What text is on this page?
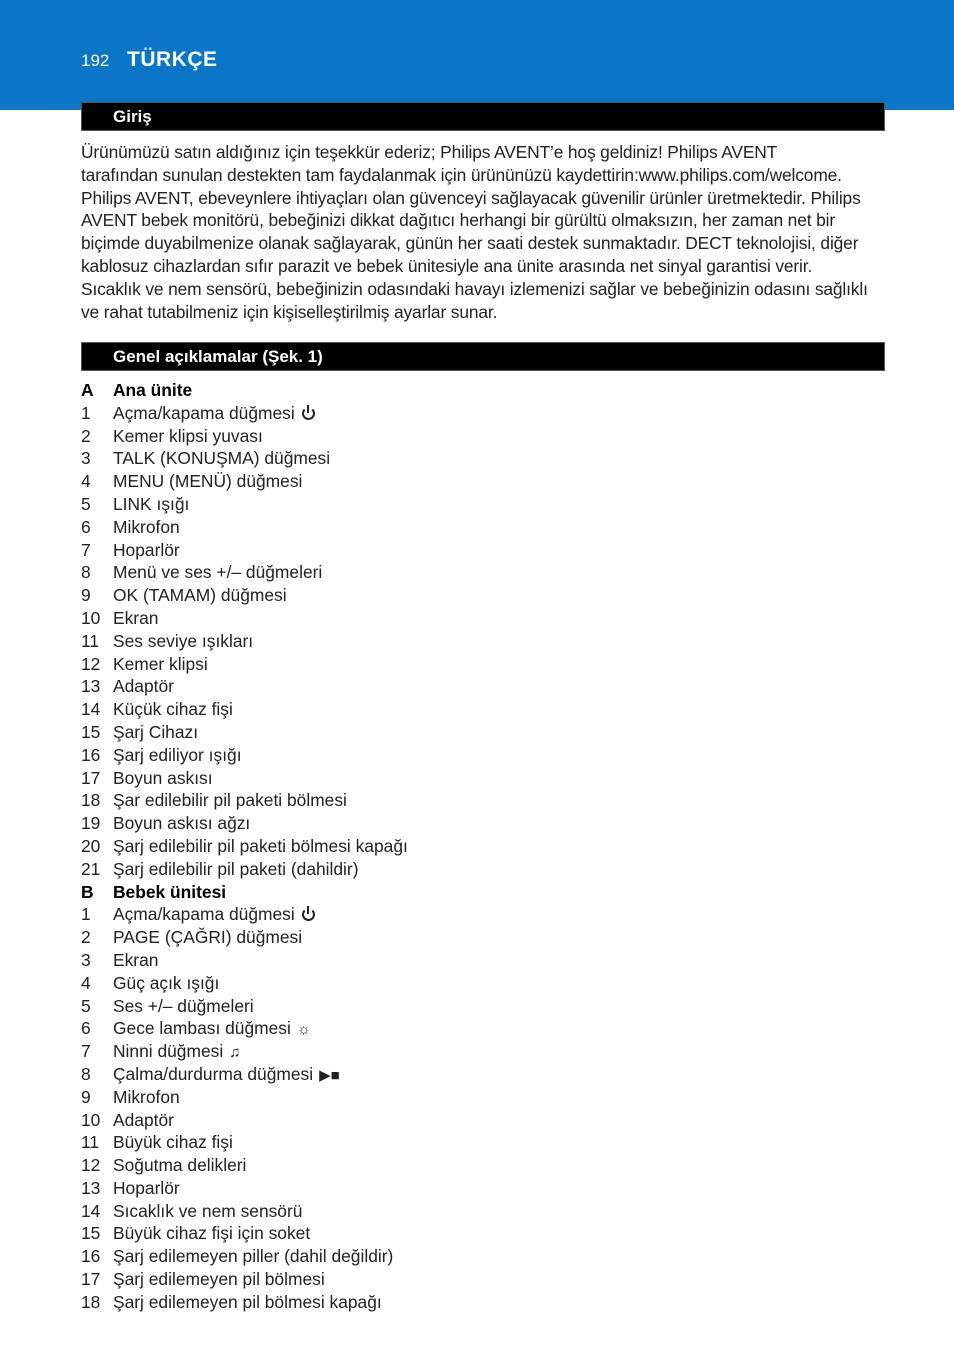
192 TÜRKÇE
Giriş
Ürünümüzü satın aldığınız için teşekkür ederiz; Philips AVENT’e hoş geldiniz! Philips AVENT
tarafından sunulan destekten tam faydalanmak için ürününüzü kaydettirin:www.philips.com/welcome.
Philips AVENT, ebeveynlere ihtiyaçları olan güvenceyi sağlayacak güvenilir ürünler üretmektedir. Philips
AVENT bebek monitörü, bebeğinizi dikkat dağıtıcı herhangi bir gürültü olmaksızın, her zaman net bir
biçimde duyabilmenize olanak sağlayarak, günün her saati destek sunmaktadır. DECT teknolojisi, diğer
kablosuz cihazlardan sıfır parazit ve bebek ünitesiyle ana ünite arasında net sinyal garantisi verir.
Sıcaklık ve nem sensörü, bebeğinizin odasındaki havayı izlemenizi sağlar ve bebeğinizin odasını sağlıklı
ve rahat tutabilmeniz için kişiselleştirilmiş ayarlar sunar.
Genel açıklamalar (Şek. 1)
A Ana ünite
1 Açma/kapama düğmesi
2 Kemer klipsi yuvası
3 TALK (KONUŞMA) düğmesi
4 MENU (MENÜ) düğmesi
5 LINK ışığı
6 Mikrofon
7 Hoparlör
8 Menü ve ses +/– düğmeleri
9 OK (TAMAM) düğmesi
10 Ekran
11 Ses seviye ışıkları
12 Kemer klipsi
13 Adaptör
14 Küçük cihaz fişi
15 Şarj Cihazı
16 Şarj ediliyor ışığı
17 Boyun askısı
18 Şar edilebilir pil paketi bölmesi
19 Boyun askısı ağzı
20 Şarj edilebilir pil paketi bölmesi kapağı
21 Şarj edilebilir pil paketi (dahildir)
B Bebek ünitesi
1 Açma/kapama düğmesi
2 PAGE (ÇAĞRI) düğmesi
3 Ekran
4 Güç açık ışığı
5 Ses +/– düğmeleri
6 Gece lambası düğmesi ☼
7 Ninni düğmesi ♫
8 Çalma/durdurma düğmesi ▶■
9 Mikrofon
10 Adaptör
11 Büyük cihaz fişi
12 Soğutma delikleri
13 Hoparlör
14 Sıcaklık ve nem sensörü
15 Büyük cihaz fişi için soket
16 Şarj edilemeyen piller (dahil değildir)
17 Şarj edilemeyen pil bölmesi
18 Şarj edilemeyen pil bölmesi kapağı
